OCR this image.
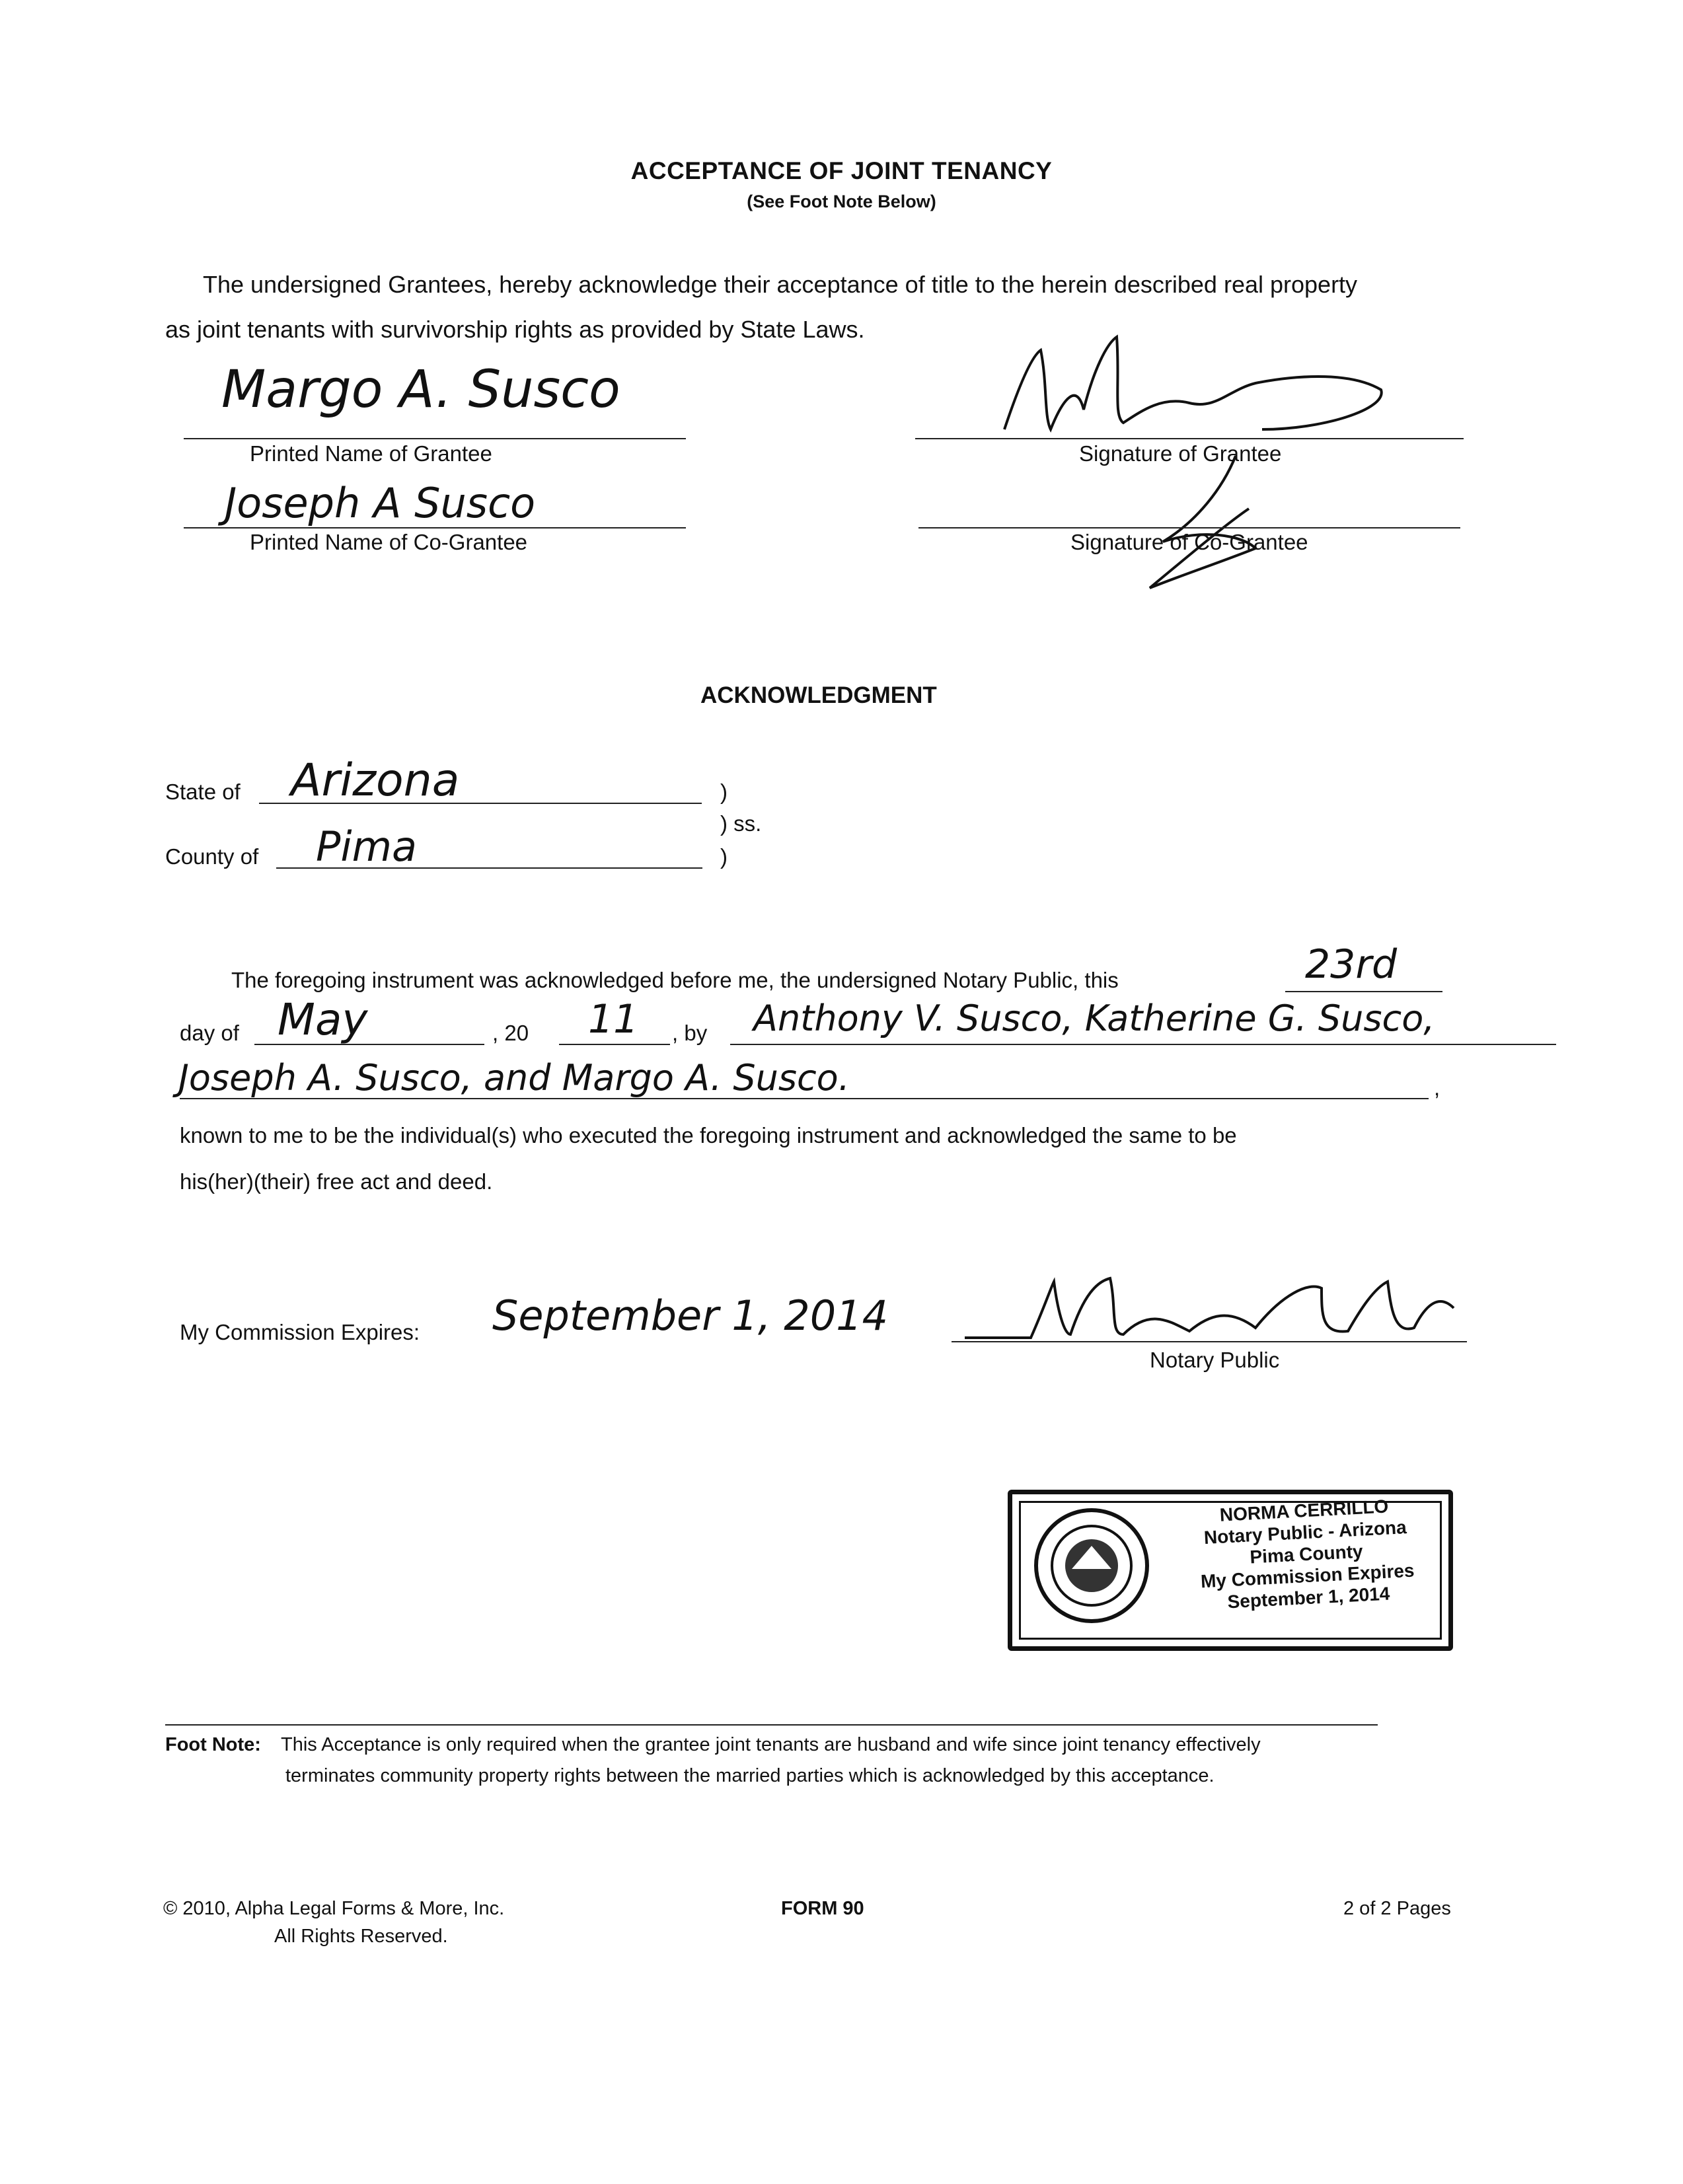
ACCEPTANCE OF JOINT TENANCY
(See Foot Note Below)
The undersigned Grantees, hereby acknowledge their acceptance of title to the herein described real property
as joint tenants with survivorship rights as provided by State Laws.
Margo A. Susco
Printed Name of Grantee	Signature of Grantee
Joseph A Susco
Printed Name of Co-Grantee	Signature of Co-Grantee
ACKNOWLEDGMENT
State of Arizona	)
) ss.
County of Pima	)
The foregoing instrument was acknowledged before me, the undersigned Notary Public, this	23rd
day of May	, 20 11 , by Anthony V. Susco, Katherine G. Susco,
Joseph A. Susco, and Margo A. Susco.	,
known to me to be the individual(s) who executed the foregoing instrument and acknowledged the same to be
his(her)(their) free act and deed.
My Commission Expires: September 1, 2014
Notary Public
NORMA CERRILLO
Notary Public - Arizona
Pima County
My Commission Expires
September 1, 2014
Foot Note: This Acceptance is only required when the grantee joint tenants are husband and wife since joint tenancy effectively
terminates community property rights between the married parties which is acknowledged by this acceptance.
© 2010, Alpha Legal Forms & More, Inc.
All Rights Reserved.
FORM 90	2 of 2 Pages
